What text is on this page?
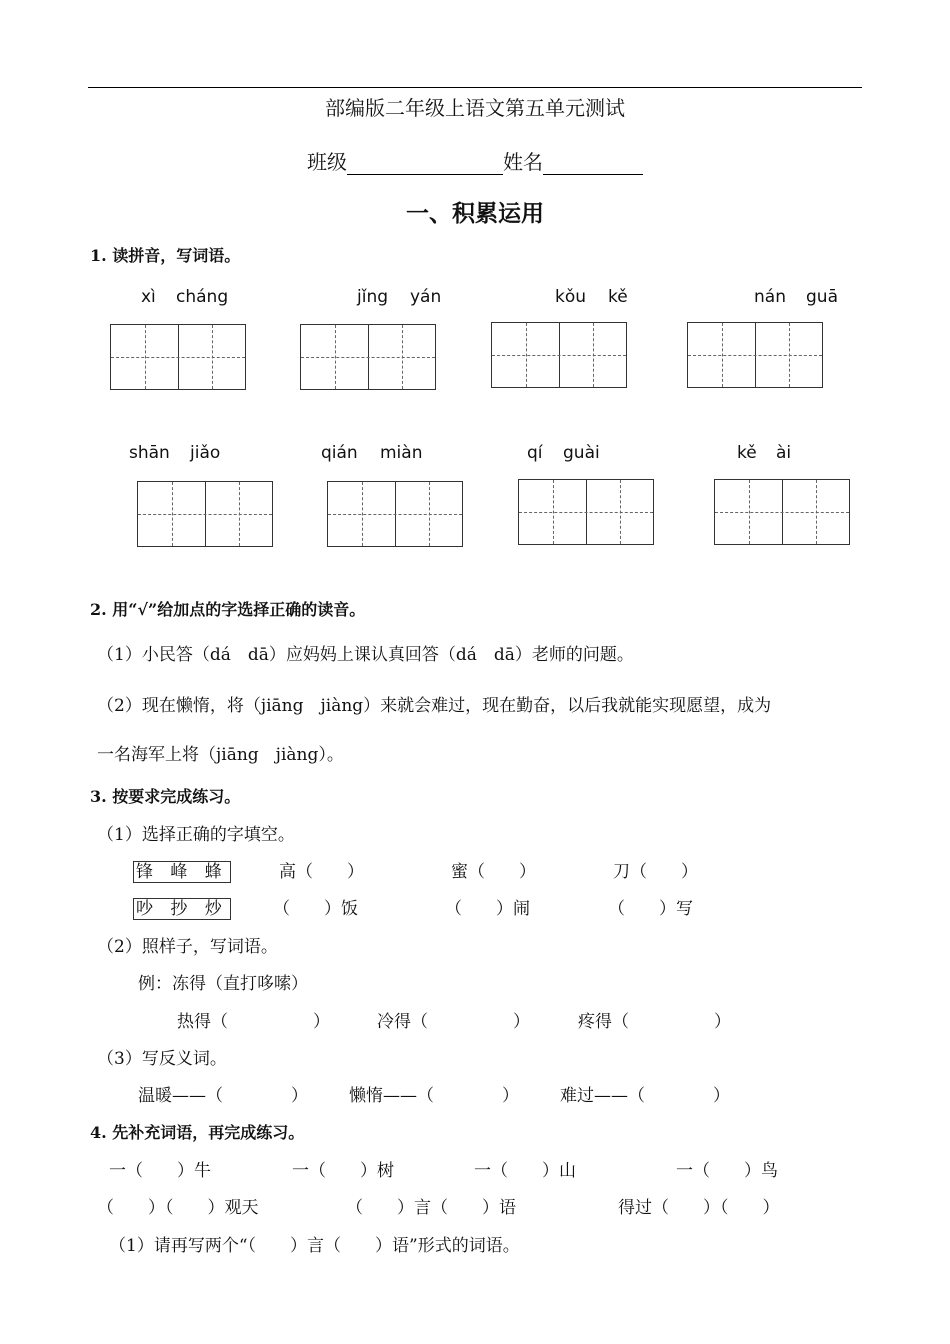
部编版二年级上语文第五单元测试
班级	姓名
一、积累运用
1. 读拼音，写词语。
xì cháng	jǐng yán	kǒu kě	nán guā
shān jiǎo	qián miàn	qí guài	kě ài
2. 用“√”给加点的字选择正确的读音。
（1）小民答（dá　dā）应妈妈上课认真回答（dá　dā）老师的问题。
（2）现在懒惰，将（jiāng　jiàng）来就会难过，现在勤奋，以后我就能实现愿望，成为
一名海军上将（jiāng　jiàng）。
3. 按要求完成练习。
（1）选择正确的字填空。
锋 峰 蜂	高（　　）	蜜（　　）	刀（　　）
吵 抄 炒	（　　）饭	（　　）闹	（　　）写
（2）照样子，写词语。
例：冻得（直打哆嗦）
热得（　　　　　）	冷得（　　　　　）	疼得（　　　　　）
（3）写反义词。
温暖——（　　　　） 懒惰——（　　　　） 难过——（　　　　）
4. 先补充词语，再完成练习。
一（　　）牛	一（　　）树	一（　　）山	一（　　）鸟
（　　）（　　）观天	（　　）言（　　）语	得过（　　）（　　）
（1）请再写两个“（　　）言（　　）语”形式的词语。
